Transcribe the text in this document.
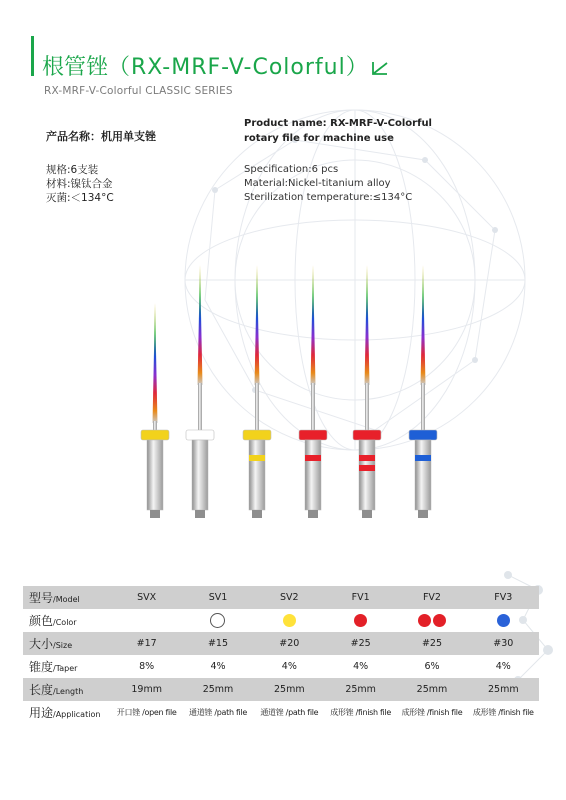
根管锉（RX-MRF-V-Colorful）
RX-MRF-V-Colorful CLASSIC SERIES
产品名称：机用单支锉
规格:6支装
材料:镍钛合金
灭菌:＜134°C
Product name: RX-MRF-V-Colorful
rotary file for machine use
Specification:6 pcs
Material:Nickel-titanium alloy
Sterilization temperature:≤134°C
型号/Model	SVX	SV1	SV2	FV1	FV2	FV3
颜色/Color
大小/Size	#17	#15	#20	#25	#25	#30
锥度/Taper	8%	4%	4%	4%	6%	4%
长度/Length	19mm	25mm	25mm	25mm	25mm	25mm
用途/Application	开口锉 /open file	通道锉 /path file	通道锉 /path file	成形锉 /finish file	成形锉 /finish file	成形锉 /finish file
